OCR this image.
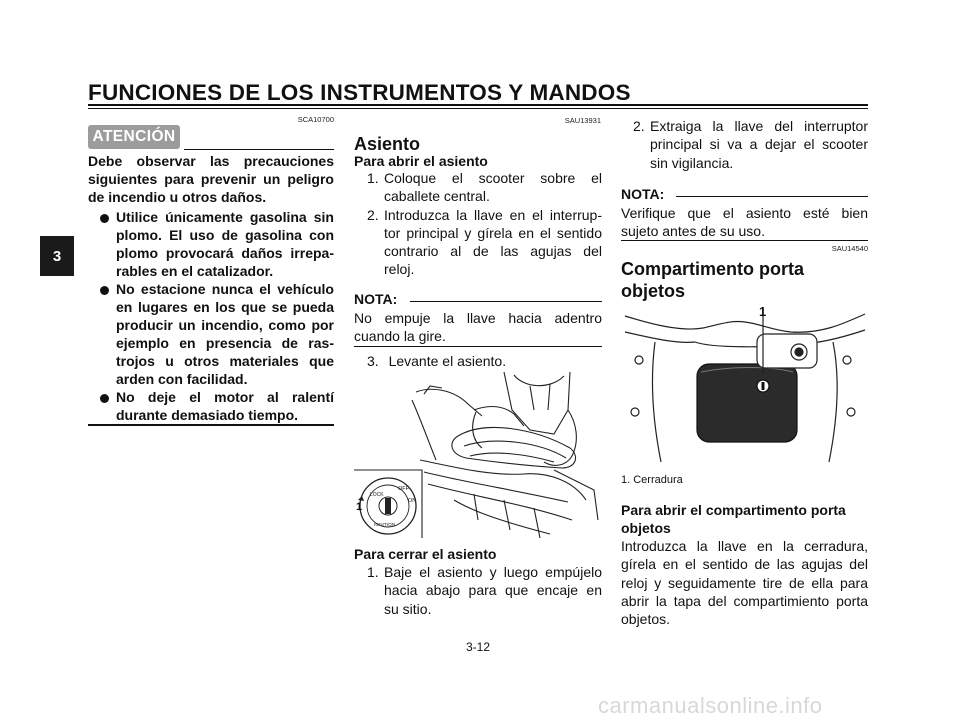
FUNCIONES DE LOS INSTRUMENTOS Y MANDOS
3
SCA10700
ATENCIÓN
Debe observar las precauciones
siguientes para prevenir un peligro
de incendio u otros daños.
Utilice únicamente gasolina sin
plomo. El uso de gasolina con
plomo provocará daños irrepa-
rables en el catalizador.
No estacione nunca el vehículo
en lugares en los que se pueda
producir un incendio, como por
ejemplo en presencia de ras-
trojos u otros materiales que
arden con facilidad.
No deje el motor al ralentí
durante demasiado tiempo.
SAU13931
Asiento
Para abrir el asiento
1. Coloque el scooter sobre el
caballete central.
2. Introduzca la llave en el interrup-
tor principal y gírela en el sentido
contrario al de las agujas del
reloj.
NOTA:
No empuje la llave hacia adentro
cuando la gire.
3. Levante el asiento.
OFF
ON
LOCK
IGNITION
1
Para cerrar el asiento
1. Baje el asiento y luego empújelo
hacia abajo para que encaje en
su sitio.
2. Extraiga la llave del interruptor
principal si va a dejar el scooter
sin vigilancia.
NOTA:
Verifique que el asiento esté bien
sujeto antes de su uso.
SAU14540
Compartimento porta
objetos
1
1. Cerradura
Para abrir el compartimento porta
objetos
Introduzca la llave en la cerradura,
gírela en el sentido de las agujas del
reloj y seguidamente tire de ella para
abrir la tapa del compartimiento porta
objetos.
3-12
carmanualsonline.info
